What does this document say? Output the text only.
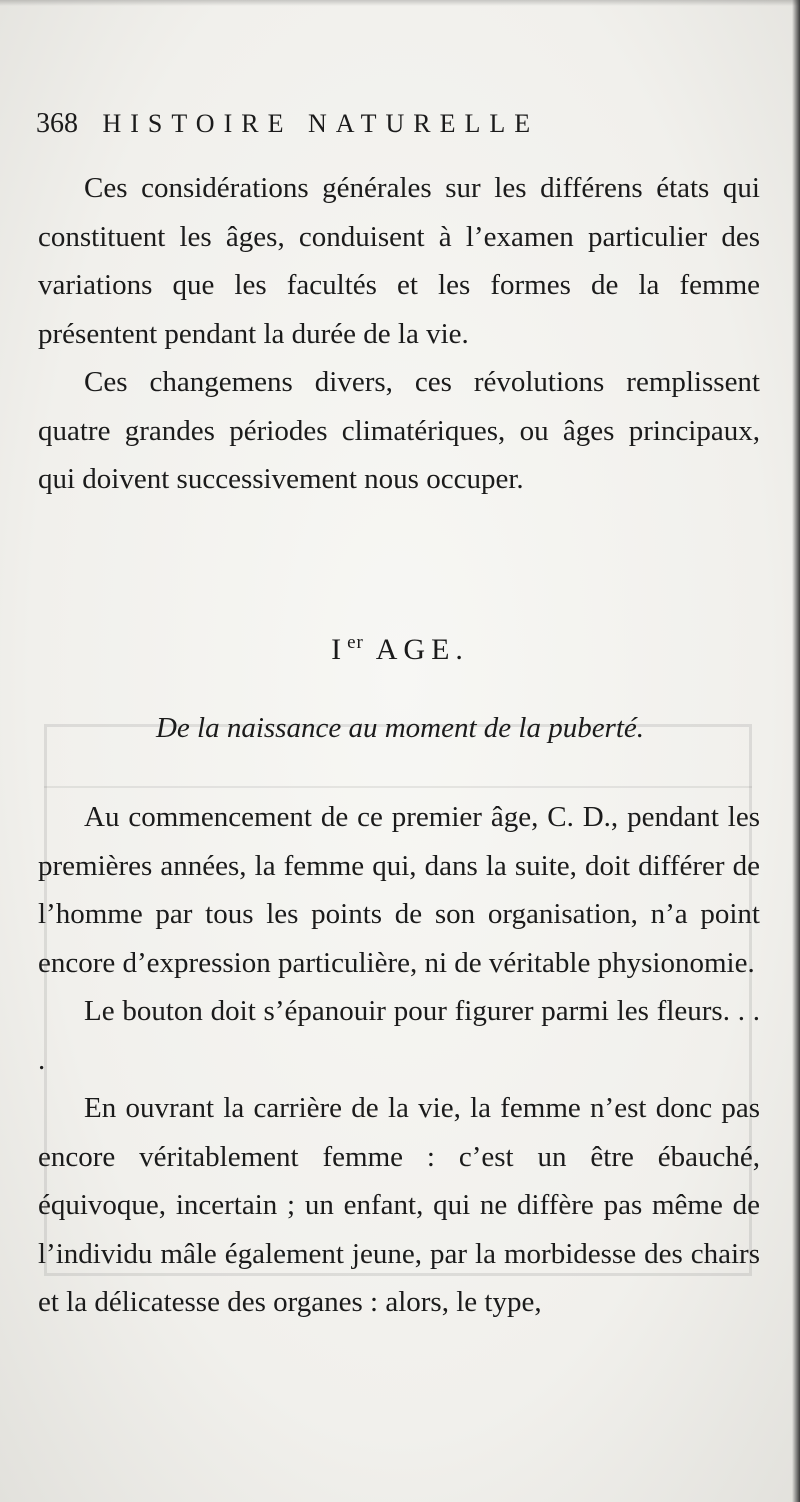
368 HISTOIRE NATURELLE

Ces considérations générales sur les différens états qui constituent les âges, conduisent à l’examen particulier des variations que les facultés et les formes de la femme présentent pendant la durée de la vie.

Ces changemens divers, ces révolutions remplissent quatre grandes périodes climatériques, ou âges principaux, qui doivent successivement nous occuper.

Ier AGE.
De la naissance au moment de la puberté.

Au commencement de ce premier âge, C. D., pendant les premières années, la femme qui, dans la suite, doit différer de l’homme par tous les points de son organisation, n’a point encore d’expression particulière, ni de véritable physionomie.

Le bouton doit s’épanouir pour figurer parmi les fleurs. . . .

En ouvrant la carrière de la vie, la femme n’est donc pas encore véritablement femme : c’est un être ébauché, équivoque, incertain ; un enfant, qui ne diffère pas même de l’individu mâle également jeune, par la morbidesse des chairs et la délicatesse des organes : alors, le type,
